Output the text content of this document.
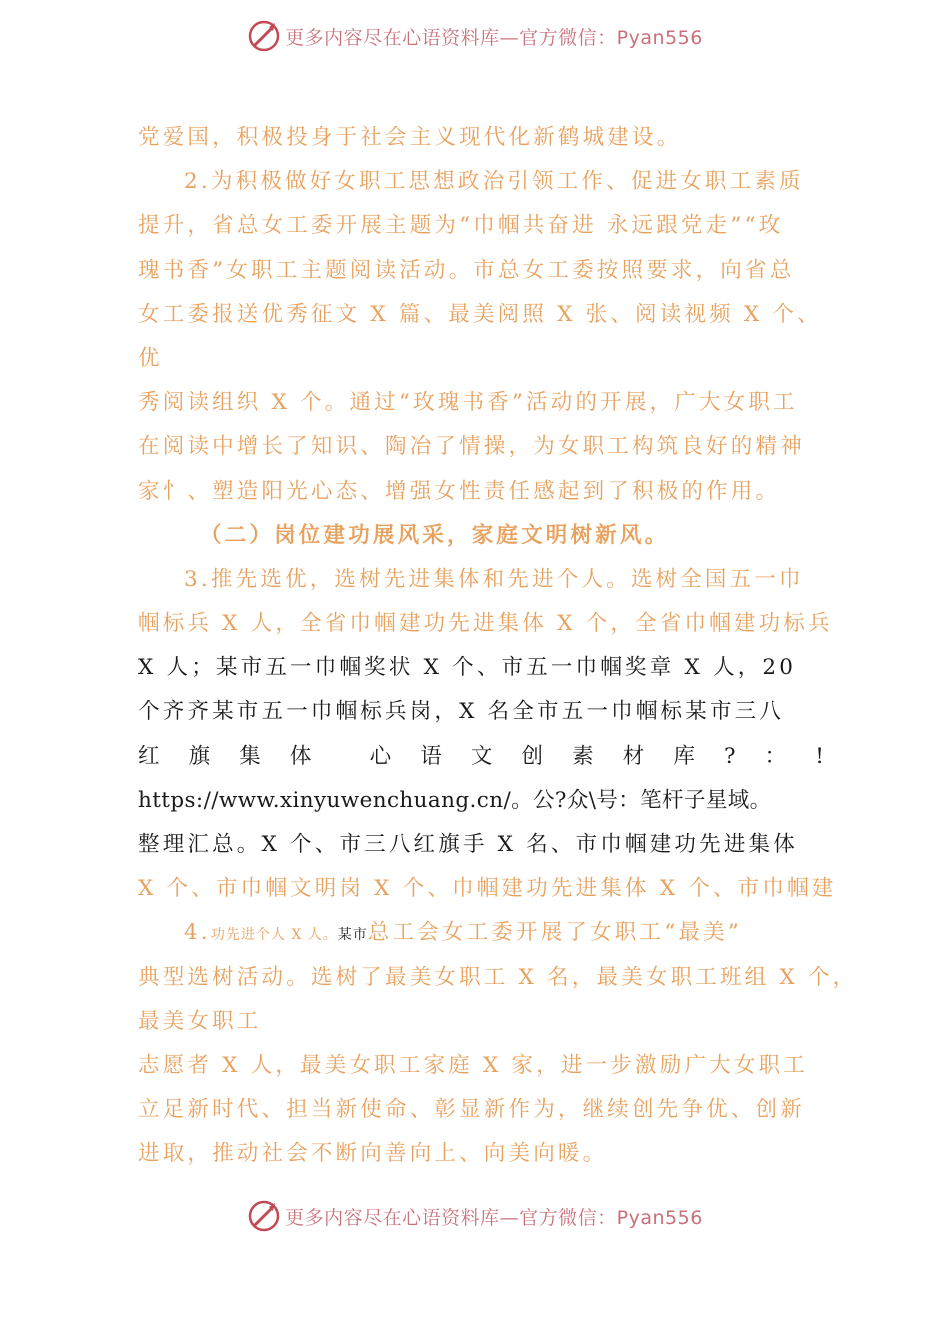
更多内容尽在心语资料库—官方微信：Pyan556
党爱国，积极投身于社会主义现代化新鹤城建设。
2.为积极做好女职工思想政治引领工作、促进女职工素质
提升，省总女工委开展主题为“巾帼共奋进 永远跟党走”“玫
瑰书香”女职工主题阅读活动。市总女工委按照要求，向省总
女工委报送优秀征文 X 篇、最美阅照 X 张、阅读视频 X 个、
优
秀阅读组织 X 个。通过“玫瑰书香”活动的开展，广大女职工
在阅读中增长了知识、陶冶了情操，为女职工构筑良好的精神
家⺖、塑造阳光心态、增强女性责任感起到了积极的作用。
（二）岗位建功展风采，家庭文明树新风。
3.推先选优，选树先进集体和先进个人。选树全国五一巾
帼标兵 X 人，全省巾帼建功先进集体 X 个，全省巾帼建功标兵
X 人；某市五一巾帼奖状 X 个、市五一巾帼奖章 X 人，20
个齐齐某市五一巾帼标兵岗，X 名全市五一巾帼标某市三八
红 旗 集 体	心 语 文 创 素 材 库 ? ： !
https://www.xinyuwenchuang.cn/。公?众\号：笔杆子星域。
整理汇总。X 个、市三八红旗手 X 名、市巾帼建功先进集体
X 个、市巾帼文明岗 X 个、巾帼建功先进集体 X 个、市巾帼建
4.功先进个人 X 人。某市总工会女工委开展了女职工“最美”
典型选树活动。选树了最美女职工 X 名，最美女职工班组 X 个，
最美女职工
志愿者 X 人，最美女职工家庭 X 家，进一步激励广大女职工
立足新时代、担当新使命、彰显新作为，继续创先争优、创新
进取，推动社会不断向善向上、向美向暖。
更多内容尽在心语资料库—官方微信：Pyan556
